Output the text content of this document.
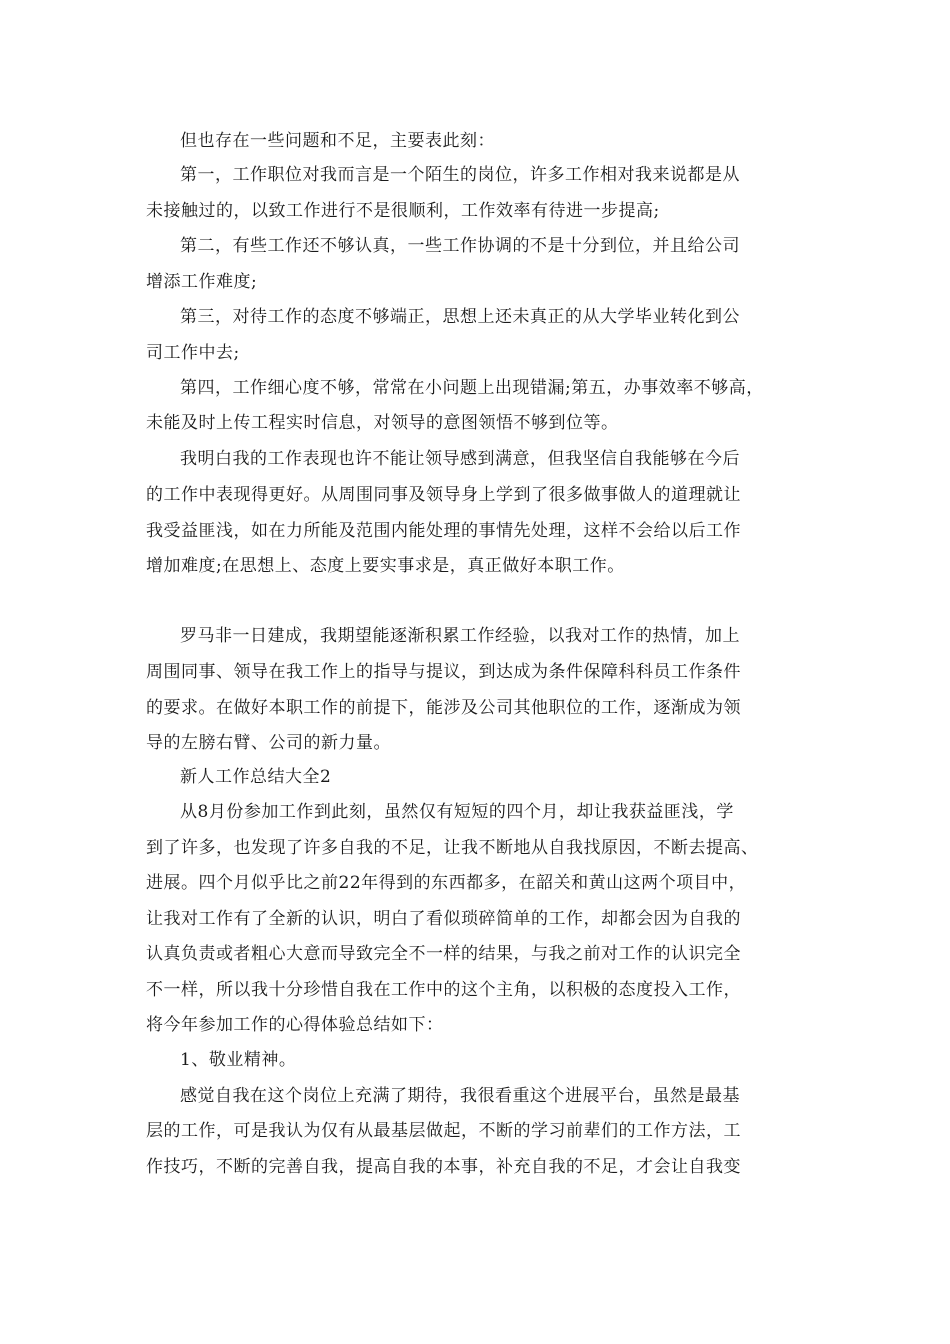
但也存在一些问题和不足，主要表此刻：
第一，工作职位对我而言是一个陌生的岗位，许多工作相对我来说都是从
未接触过的，以致工作进行不是很顺利，工作效率有待进一步提高;
第二，有些工作还不够认真，一些工作协调的不是十分到位，并且给公司
增添工作难度;
第三，对待工作的态度不够端正，思想上还未真正的从大学毕业转化到公
司工作中去;
第四，工作细心度不够，常常在小问题上出现错漏;第五，办事效率不够高，
未能及时上传工程实时信息，对领导的意图领悟不够到位等。
我明白我的工作表现也许不能让领导感到满意，但我坚信自我能够在今后
的工作中表现得更好。从周围同事及领导身上学到了很多做事做人的道理就让
我受益匪浅，如在力所能及范围内能处理的事情先处理，这样不会给以后工作
增加难度;在思想上、态度上要实事求是，真正做好本职工作。
罗马非一日建成，我期望能逐渐积累工作经验，以我对工作的热情，加上
周围同事、领导在我工作上的指导与提议，到达成为条件保障科科员工作条件
的要求。在做好本职工作的前提下，能涉及公司其他职位的工作，逐渐成为领
导的左膀右臂、公司的新力量。
新人工作总结大全2
从8月份参加工作到此刻，虽然仅有短短的四个月，却让我获益匪浅，学
到了许多，也发现了许多自我的不足，让我不断地从自我找原因，不断去提高、
进展。四个月似乎比之前22年得到的东西都多，在韶关和黄山这两个项目中，
让我对工作有了全新的认识，明白了看似琐碎简单的工作，却都会因为自我的
认真负责或者粗心大意而导致完全不一样的结果，与我之前对工作的认识完全
不一样，所以我十分珍惜自我在工作中的这个主角，以积极的态度投入工作，
将今年参加工作的心得体验总结如下：
1、敬业精神。
感觉自我在这个岗位上充满了期待，我很看重这个进展平台，虽然是最基
层的工作，可是我认为仅有从最基层做起，不断的学习前辈们的工作方法，工
作技巧，不断的完善自我，提高自我的本事，补充自我的不足，才会让自我变
